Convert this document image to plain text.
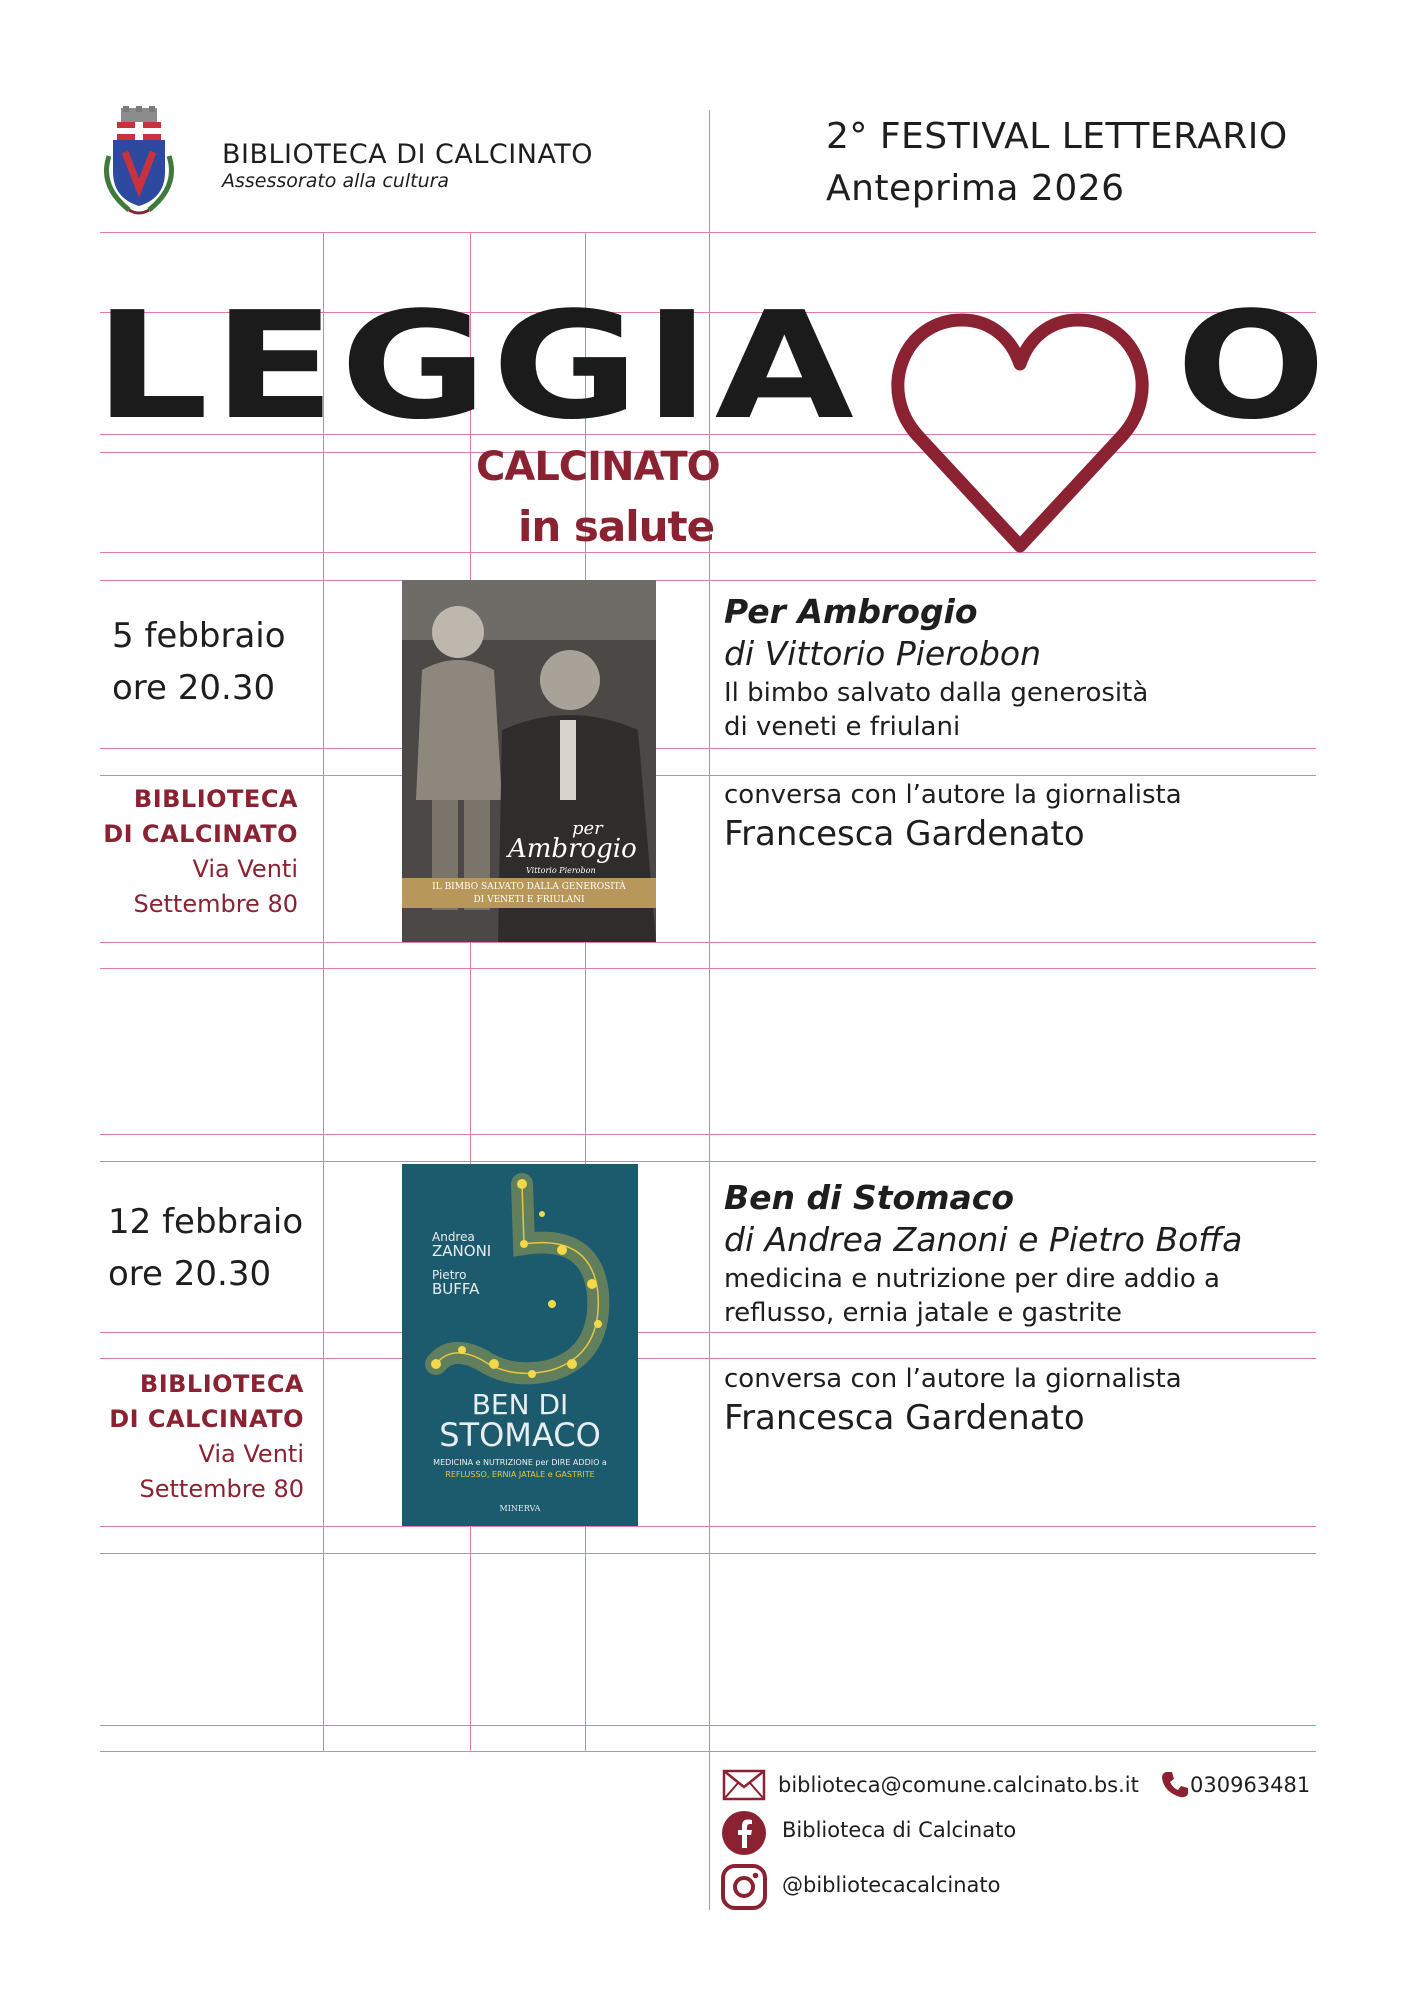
BIBLIOTECA DI CALCINATO
Assessorato alla cultura
2° FESTIVAL LETTERARIO
Anteprima 2026
LEGGIA O
CALCINATO
in salute
5 febbraio
ore 20.30
BIBLIOTECA
DI CALCINATO
Via Venti
Settembre 80
per
Ambrogio
Vittorio Pierobon
IL BIMBO SALVATO DALLA GENEROSITÀ
DI VENETI E FRIULANI
Per Ambrogio
di Vittorio Pierobon
Il bimbo salvato dalla generosità
di veneti e friulani
conversa con l’autore la giornalista
Francesca Gardenato
12 febbraio
ore 20.30
BIBLIOTECA
DI CALCINATO
Via Venti
Settembre 80
Andrea
ZANONI
Pietro
BUFFA
BEN DI
STOMACO
MEDICINA e NUTRIZIONE per DIRE ADDIO a
REFLUSSO, ERNIA JATALE e GASTRITE
MINERVA
Ben di Stomaco
di Andrea Zanoni e Pietro Boffa
medicina e nutrizione per dire addio a
reflusso, ernia jatale e gastrite
conversa con l’autore la giornalista
Francesca Gardenato
biblioteca@comune.calcinato.bs.it 030963481
Biblioteca di Calcinato
@bibliotecacalcinato
